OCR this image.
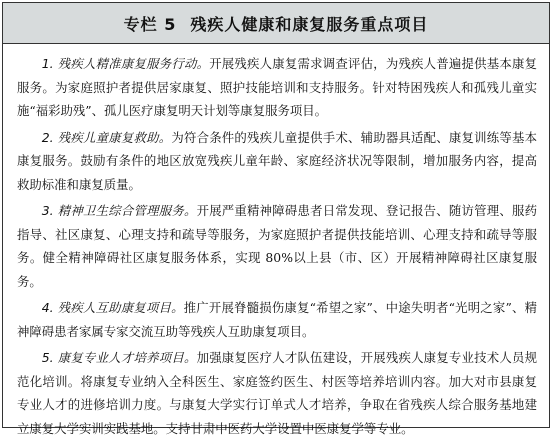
专栏 5 残疾人健康和康复服务重点项目

1. 残疾人精准康复服务行动。开展残疾人康复需求调查评估，为残疾人普遍提供基本康复服务。为家庭照护者提供居家康复、照护技能培训和支持服务。针对特困残疾人和孤残儿童实施“福彩助残”、孤儿医疗康复明天计划等康复服务项目。

2. 残疾儿童康复救助。为符合条件的残疾儿童提供手术、辅助器具适配、康复训练等基本康复服务。鼓励有条件的地区放宽残疾儿童年龄、家庭经济状况等限制，增加服务内容，提高救助标准和康复质量。

3. 精神卫生综合管理服务。开展严重精神障碍患者日常发现、登记报告、随访管理、服药指导、社区康复、心理支持和疏导等服务，为家庭照护者提供技能培训、心理支持和疏导等服务。健全精神障碍社区康复服务体系，实现 80%以上县（市、区）开展精神障碍社区康复服务。

4. 残疾人互助康复项目。推广开展脊髓损伤康复“希望之家”、中途失明者“光明之家”、精神障碍患者家属专家交流互助等残疾人互助康复项目。

5. 康复专业人才培养项目。加强康复医疗人才队伍建设，开展残疾人康复专业技术人员规范化培训。将康复专业纳入全科医生、家庭签约医生、村医等培养培训内容。加大对市县康复专业人才的进修培训力度。与康复大学实行订单式人才培养，争取在省残疾人综合服务基地建立康复大学实训实践基地。支持甘肃中医药大学设置中医康复学等专业。
